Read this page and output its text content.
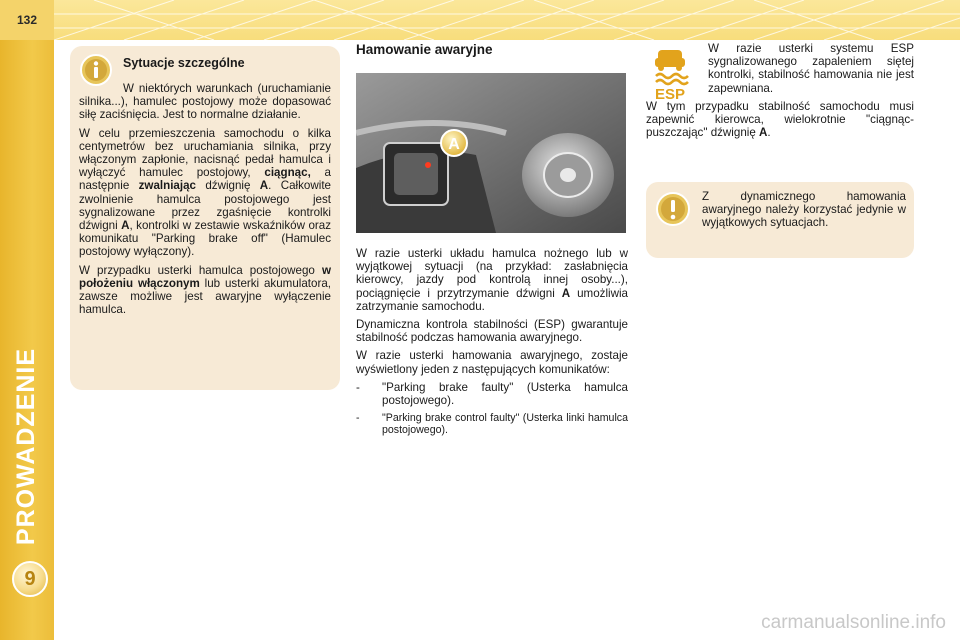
132
PROWADZENIE
9
Sytuacje szczególne

W niektórych warunkach (uruchamianie silnika...), hamulec postojowy może dopasować siłę zaciśnięcia. Jest to normalne działanie.

W celu przemieszczenia samochodu o kilka centymetrów bez uruchamiania silnika, przy włączonym zapłonie, nacisnąć pedał hamulca i wyłączyć hamulec postojowy, ciągnąc, a następnie zwalniając dźwignię A. Całkowite zwolnienie hamulca postojowego jest sygnalizowane przez zgaśnięcie kontrolki dźwigni A, kontrolki w zestawie wskaźników oraz komunikatu "Parking brake off" (Hamulec postojowy wyłączony).

W przypadku usterki hamulca postojowego w położeniu włączonym lub usterki akumulatora, zawsze możliwe jest awaryjne wyłączenie hamulca.

Hamowanie awaryjne
A

W razie usterki układu hamulca nożnego lub w wyjątkowej sytuacji (na przykład: zasłabnięcia kierowcy, jazdy pod kontrolą innej osoby...), pociągnięcie i przytrzymanie dźwigni A umożliwia zatrzymanie samochodu.

Dynamiczna kontrola stabilności (ESP) gwarantuje stabilność podczas hamowania awaryjnego.

W razie usterki hamowania awaryjnego, zostaje wyświetlony jeden z następujących komunikatów:

- "Parking brake faulty" (Usterka hamulca postojowego).
- "Parking brake control faulty" (Usterka linki hamulca postojowego).
ESP

W razie usterki systemu ESP sygnalizowanego zapaleniem siętej kontrolki, stabilność hamowania nie jest zapewniana.

W tym przypadku stabilność samochodu musi zapewnić kierowca, wielokrotnie "ciągnąc-puszczając" dźwignię A.

Z dynamicznego hamowania awaryjnego należy korzystać jedynie w wyjątkowych sytuacjach.

carmanualsonline.info
